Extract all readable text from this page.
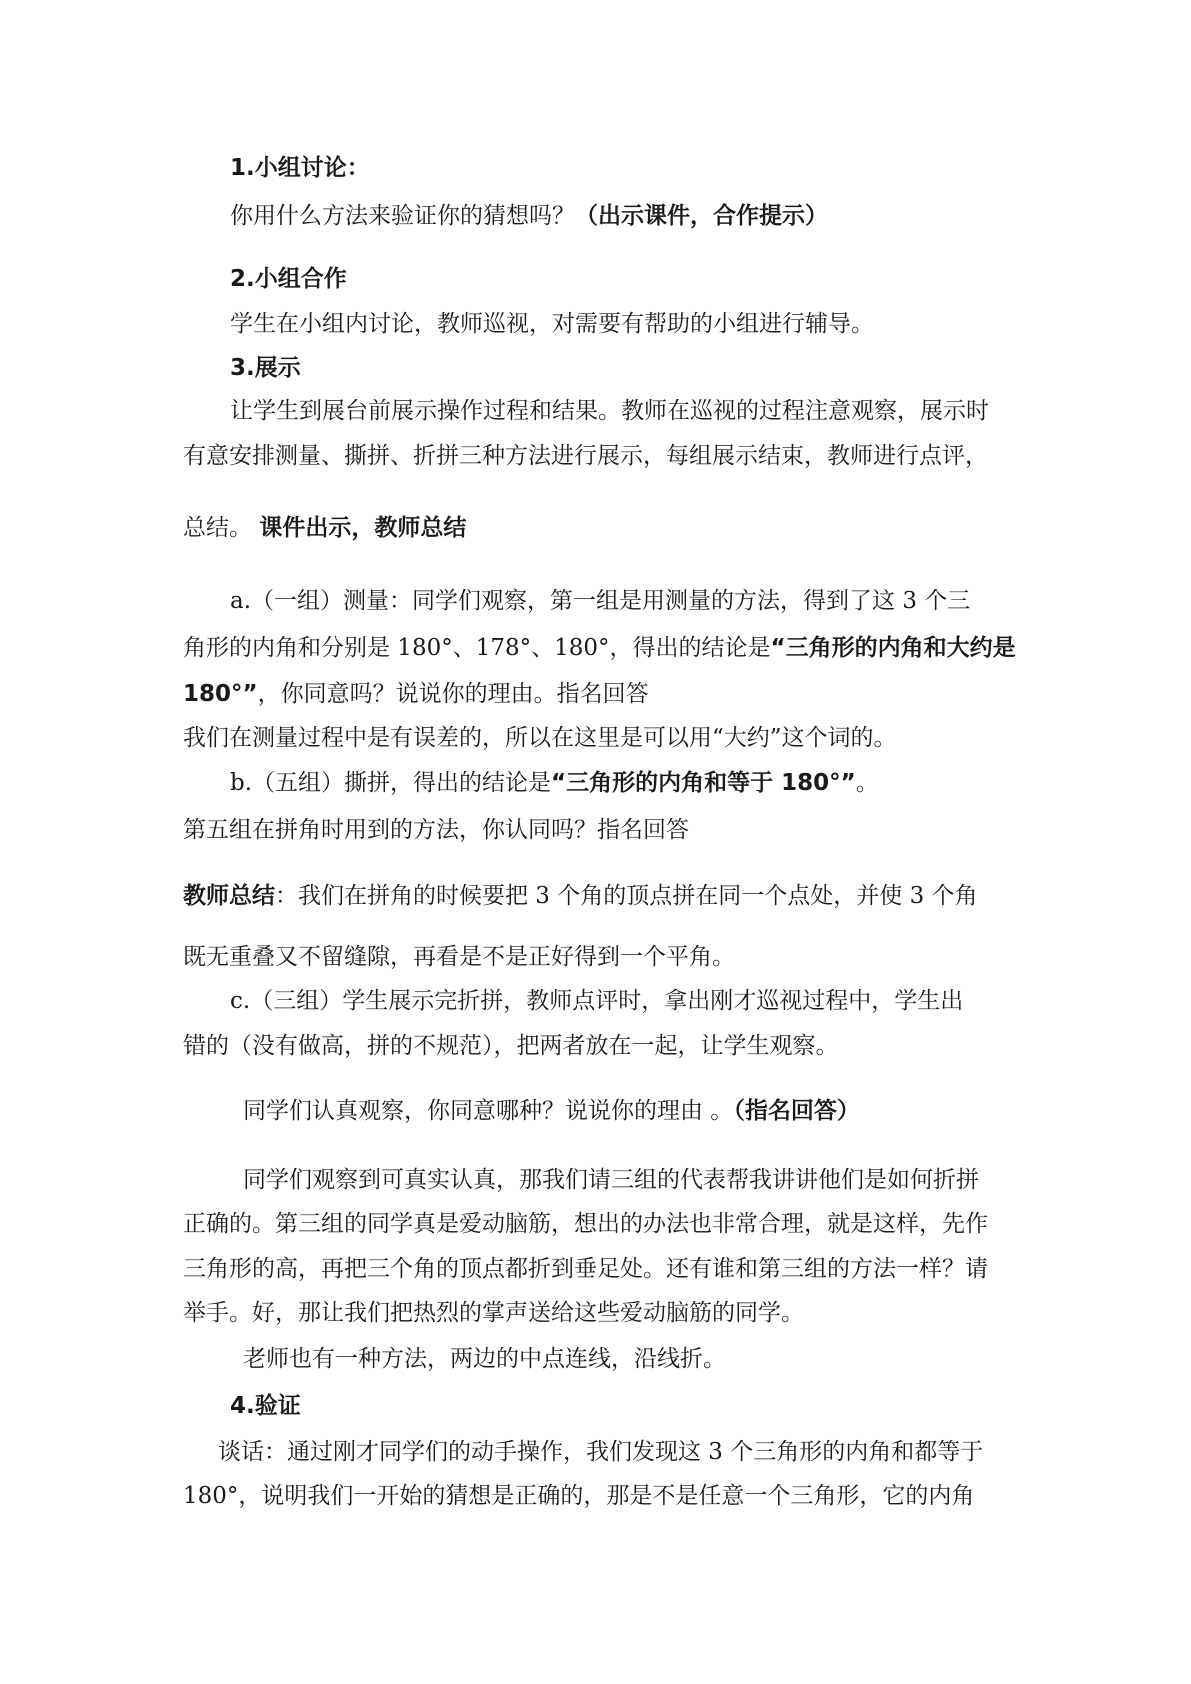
1.小组讨论：
你用什么方法来验证你的猜想吗？（出示课件，合作提示）
2.小组合作
学生在小组内讨论，教师巡视，对需要有帮助的小组进行辅导。
3.展示
让学生到展台前展示操作过程和结果。教师在巡视的过程注意观察，展示时
有意安排测量、撕拼、折拼三种方法进行展示，每组展示结束，教师进行点评，
总结。 课件出示，教师总结
a.（一组）测量：同学们观察，第一组是用测量的方法，得到了这 3 个三
角形的内角和分别是 180°、178°、180°，得出的结论是“三角形的内角和大约是
180°”，你同意吗？说说你的理由。指名回答
我们在测量过程中是有误差的，所以在这里是可以用“大约”这个词的。
b.（五组）撕拼，得出的结论是“三角形的内角和等于 180°”。
第五组在拼角时用到的方法，你认同吗？指名回答
教师总结：我们在拼角的时候要把 3 个角的顶点拼在同一个点处，并使 3 个角
既无重叠又不留缝隙，再看是不是正好得到一个平角。
c.（三组）学生展示完折拼，教师点评时，拿出刚才巡视过程中，学生出
错的（没有做高，拼的不规范），把两者放在一起，让学生观察。
同学们认真观察，你同意哪种？说说你的理由 。（指名回答）
同学们观察到可真实认真，那我们请三组的代表帮我讲讲他们是如何折拼
正确的。第三组的同学真是爱动脑筋，想出的办法也非常合理，就是这样，先作
三角形的高，再把三个角的顶点都折到垂足处。还有谁和第三组的方法一样？请
举手。好，那让我们把热烈的掌声送给这些爱动脑筋的同学。
老师也有一种方法，两边的中点连线，沿线折。
4.验证
谈话：通过刚才同学们的动手操作，我们发现这 3 个三角形的内角和都等于
180°，说明我们一开始的猜想是正确的，那是不是任意一个三角形，它的内角
